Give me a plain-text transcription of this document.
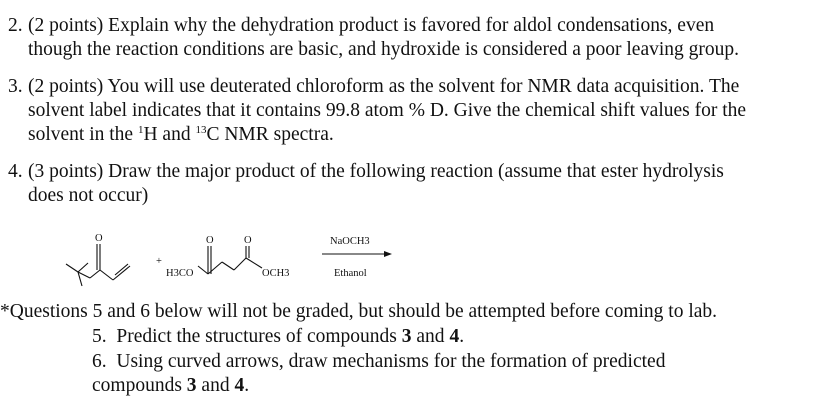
2. (2 points) Explain why the dehydration product is favored for aldol condensations, even
though the reaction conditions are basic, and hydroxide is considered a poor leaving group.
3. (2 points) You will use deuterated chloroform as the solvent for NMR data acquisition. The
solvent label indicates that it contains 99.8 atom % D. Give the chemical shift values for the
solvent in the $^1$H and $^{13}$C NMR spectra.
4. (3 points) Draw the major product of the following reaction (assume that ester hydrolysis
does not occur)
O
+
O	O
H3CO	OCH3
NaOCH3
Ethanol
*Questions 5 and 6 below will not be graded, but should be attempted before coming to lab.
5. Predict the structures of compounds 3 and 4.
6. Using curved arrows, draw mechanisms for the formation of predicted
compounds 3 and 4.
